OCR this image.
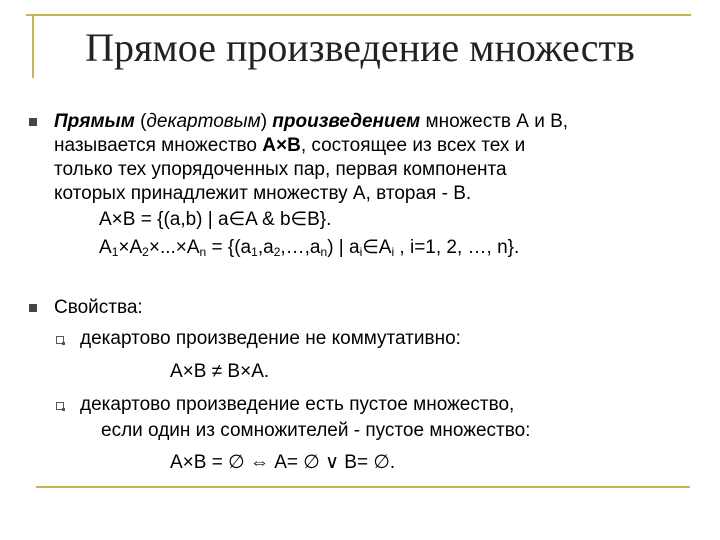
Прямое произведение множеств
Прямым (декартовым) произведением множеств А и В,
называется множество А×В, состоящее из всех тех и
только тех упорядоченных пар, первая компонента
которых принадлежит множеству А, вторая - В.
А×В = {(a,b) | a∈A & b∈B}.
$A_1\times A_2\times...\times A_n$ = {$(a_1,a_2,\dots,a_n)$ | $a_i\in A_i$ , i=1, 2, …, n}.
Свойства:
декартово произведение не коммутативно:
А×В ≠ В×А.
декартово произведение есть пустое множество,
если один из сомножителей - пустое множество:
А×В = ∅ ⇔ А= ∅ ∨ В= ∅.
